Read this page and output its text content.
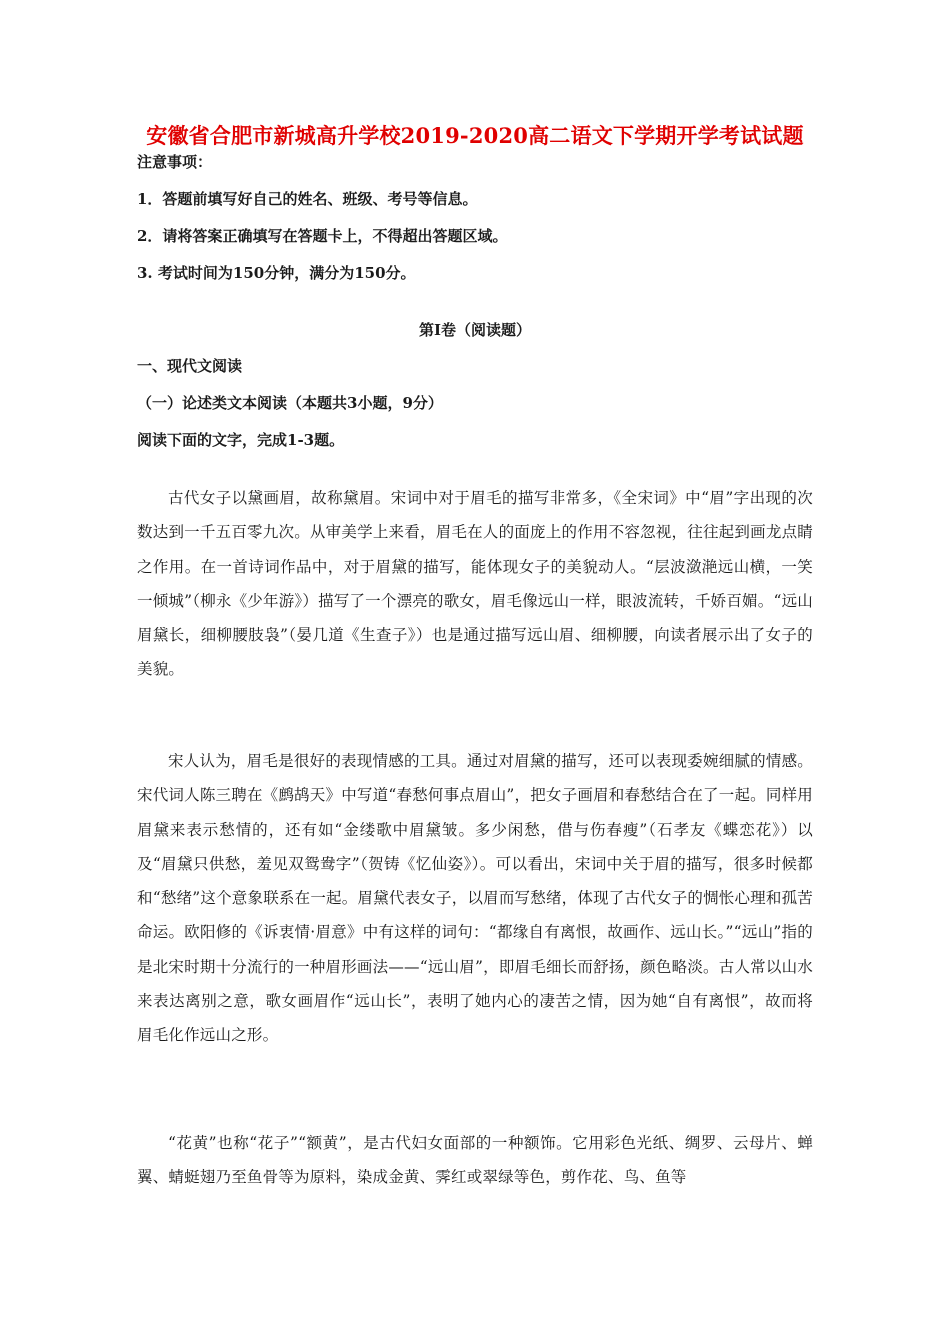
安徽省合肥市新城高升学校2019-2020高二语文下学期开学考试试题
注意事项：
1．答题前填写好自己的姓名、班级、考号等信息。
2．请将答案正确填写在答题卡上，不得超出答题区域。
3. 考试时间为150分钟，满分为150分。
第Ⅰ卷（阅读题）
一、现代文阅读
（一）论述类文本阅读（本题共3小题，9分）
阅读下面的文字，完成1-3题。
古代女子以黛画眉，故称黛眉。宋词中对于眉毛的描写非常多，《全宋词》中“眉”字出现的次数达到一千五百零九次。从审美学上来看，眉毛在人的面庞上的作用不容忽视，往往起到画龙点睛之作用。在一首诗词作品中，对于眉黛的描写，能体现女子的美貌动人。“层波潋滟远山横，一笑一倾城”（柳永《少年游》）描写了一个漂亮的歌女，眉毛像远山一样，眼波流转，千娇百媚。“远山眉黛长，细柳腰肢袅”（晏几道《生查子》）也是通过描写远山眉、细柳腰，向读者展示出了女子的美貌。
宋人认为，眉毛是很好的表现情感的工具。通过对眉黛的描写，还可以表现委婉细腻的情感。宋代词人陈三聘在《鹧鸪天》中写道“春愁何事点眉山”，把女子画眉和春愁结合在了一起。同样用眉黛来表示愁情的，还有如“金缕歌中眉黛皱。多少闲愁，借与伤春瘦”（石孝友《蝶恋花》）以及“眉黛只供愁，羞见双鸳鸯字”（贺铸《忆仙姿》）。可以看出，宋词中关于眉的描写，很多时候都和“愁绪”这个意象联系在一起。眉黛代表女子，以眉而写愁绪，体现了古代女子的惆怅心理和孤苦命运。欧阳修的《诉衷情·眉意》中有这样的词句：“都缘自有离恨，故画作、远山长。”“远山”指的是北宋时期十分流行的一种眉形画法——“远山眉”，即眉毛细长而舒扬，颜色略淡。古人常以山水来表达离别之意，歌女画眉作“远山长”，表明了她内心的凄苦之情，因为她“自有离恨”，故而将眉毛化作远山之形。
“花黄”也称“花子”“额黄”，是古代妇女面部的一种额饰。它用彩色光纸、绸罗、云母片、蝉翼、蜻蜓翅乃至鱼骨等为原料，染成金黄、霁红或翠绿等色，剪作花、鸟、鱼等
